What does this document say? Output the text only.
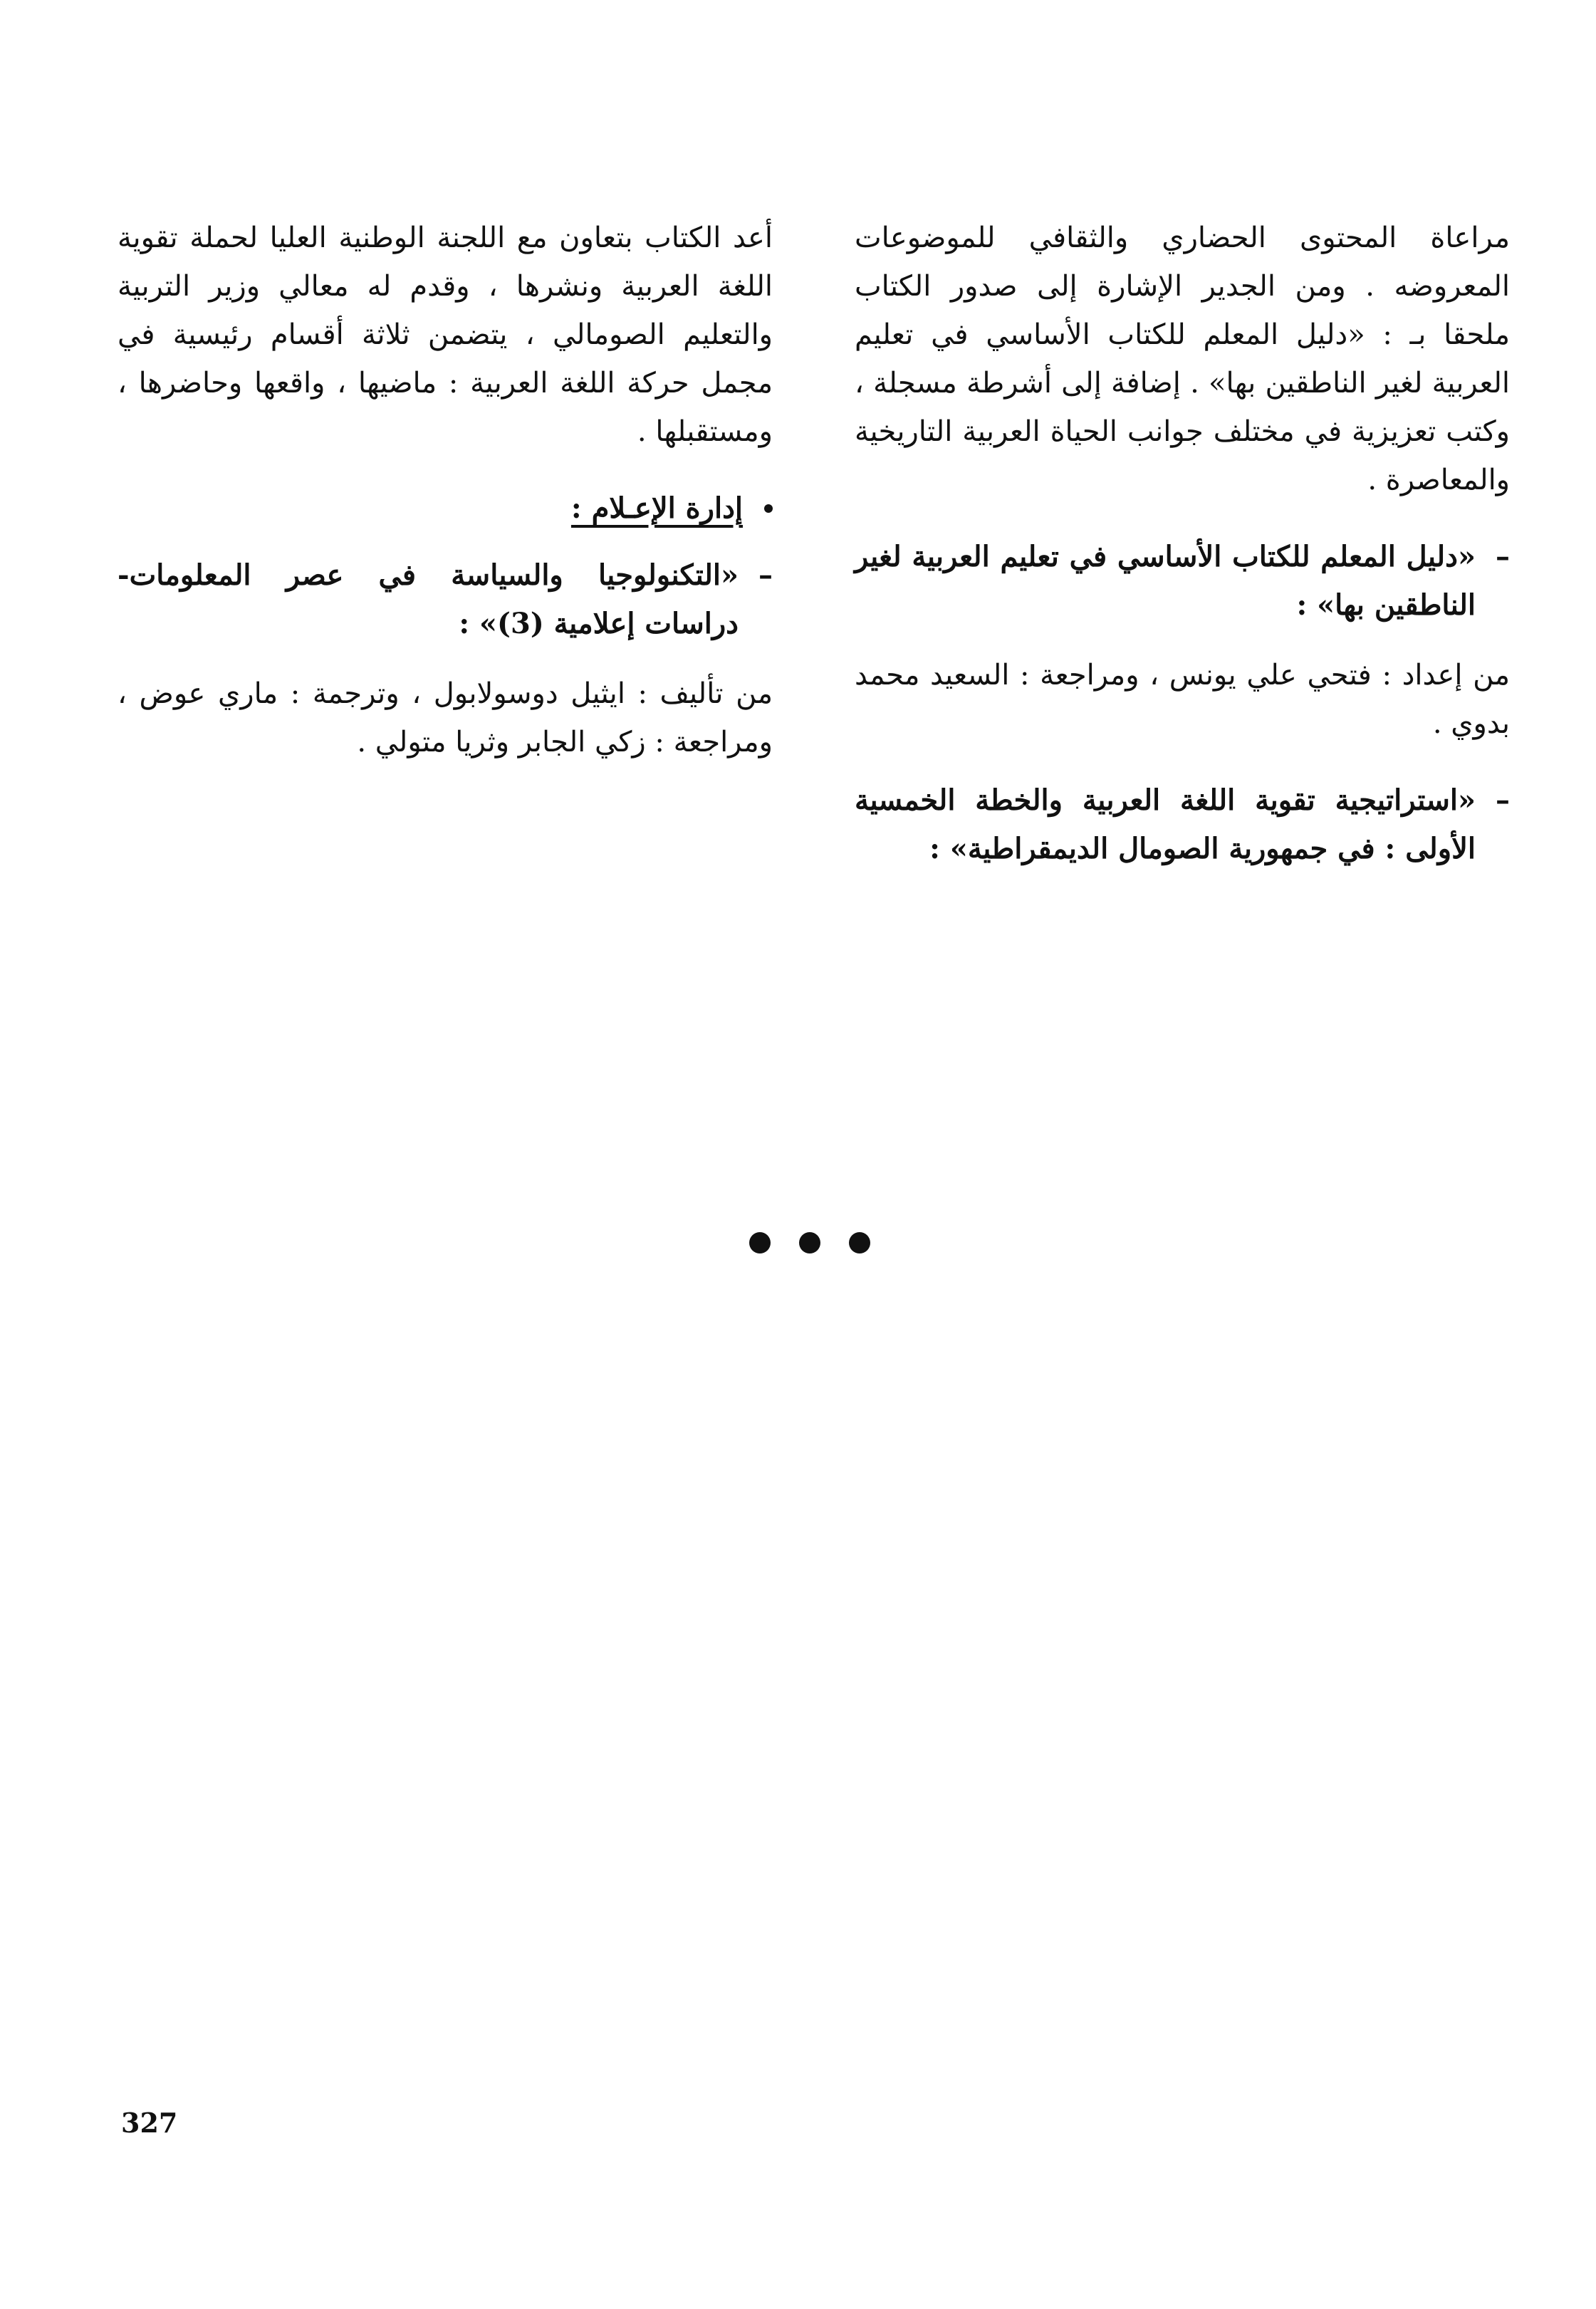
مراعاة المحتوى الحضاري والثقافي للموضوعات المعروضه . ومن الجدير الإشارة إلى صدور الكتاب ملحقا بـ : «دليل المعلم للكتاب الأساسي في تعليم العربية لغير الناطقين بها» . إضافة إلى أشرطة مسجلة ، وكتب تعزيزية في مختلف جوانب الحياة العربية التاريخية والمعاصرة .

–
«دليل المعلم للكتاب الأساسي في تعليم العربية لغير الناطقين بها» :

من إعداد : فتحي علي يونس ، ومراجعة : السعيد محمد بدوي .

–
«استراتيجية تقوية اللغة العربية والخطة الخمسية الأولى : في جمهورية الصومال الديمقراطية» :

أعد الكتاب بتعاون مع اللجنة الوطنية العليا لحملة تقوية اللغة العربية ونشرها ، وقدم له معالي وزير التربية والتعليم الصومالي ، يتضمن ثلاثة أقسام رئيسية في مجمل حركة اللغة العربية : ماضيها ، واقعها وحاضرها ، ومستقبلها .

إدارة الإعـلام :
–
«التكنولوجيا والسياسة في عصر المعلومات- دراسات إعلامية (3)» :

من تأليف : ايثيل دوسولابول ، وترجمة : ماري عوض ، ومراجعة : زكي الجابر وثريا متولي .

327
